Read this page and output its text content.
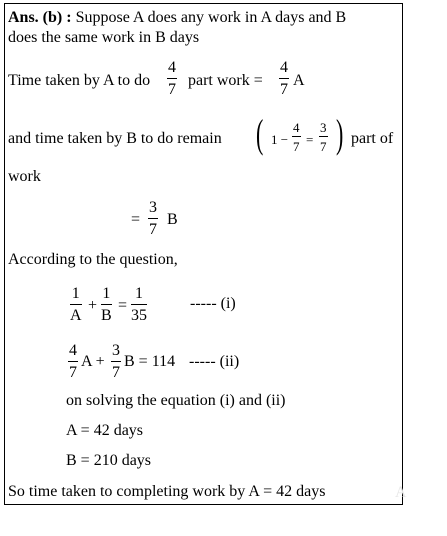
Ans. (b) : Suppose A does any work in A days and B
does the same work in B days
Time taken by A to do
4
7
part work =
4
7
A
and time taken by B to do remain ( 1 −
4
7 =
3
7 ) part of
work
=
3
7
B
According to the question,
1
A
+
1
B
=
1
35
----- (i)
4
7
A +
3
7
B = 114 ----- (ii)
on solving the equation (i) and (ii)
A = 42 days
B = 210 days
So time taken to completing work by A = 42 days	A
